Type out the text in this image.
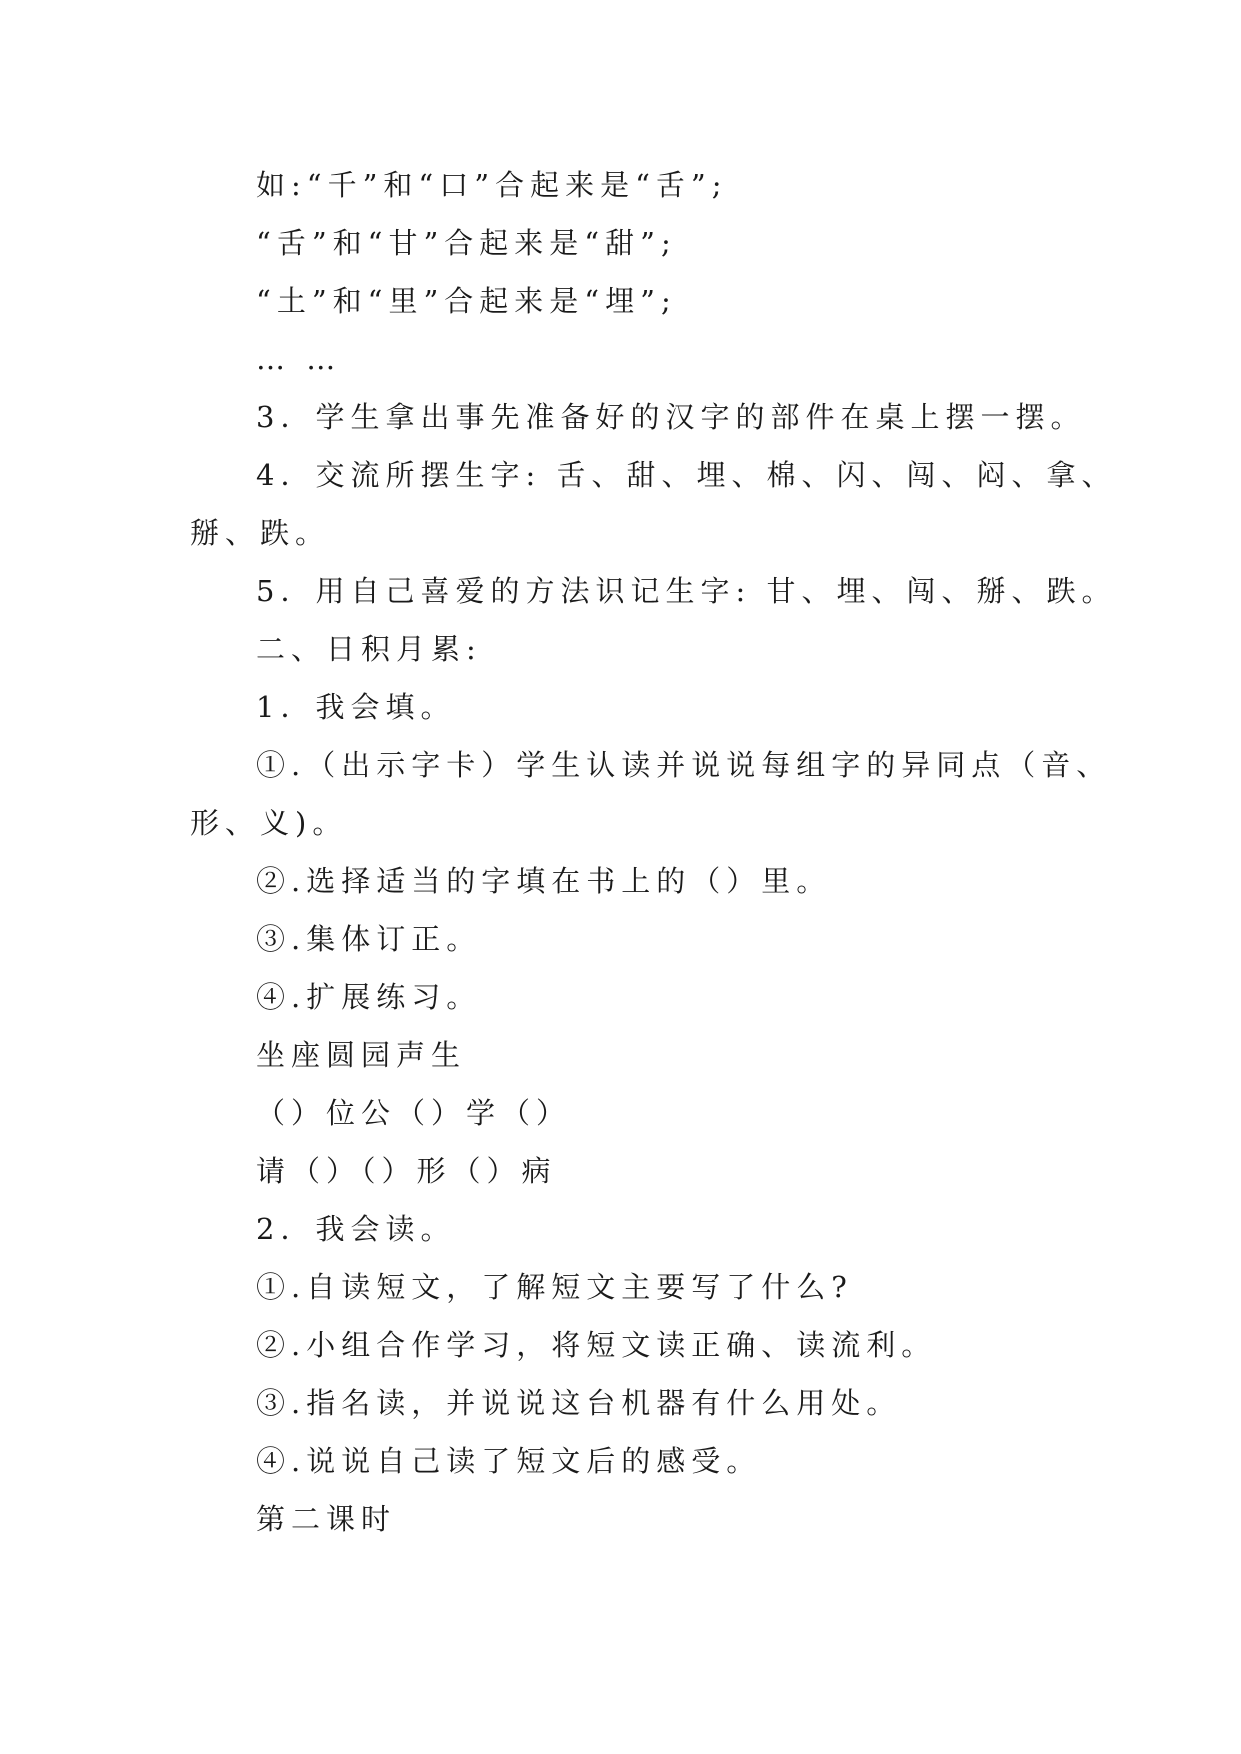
如:“千”和“口”合起来是“舌”;
“舌”和“甘”合起来是“甜”;
“土”和“里”合起来是“埋”;
… …
3．学生拿出事先准备好的汉字的部件在桌上摆一摆。
4．交流所摆生字: 舌、甜、埋、棉、闪、闯、闷、拿、
掰、跌。
5．用自己喜爱的方法识记生字: 甘、埋、闯、掰、跌。
二、日积月累:
1．我会填。
①.（出示字卡）学生认读并说说每组字的异同点（音、
形、义)。
②.选择适当的字填在书上的（）里。
③.集体订正。
④.扩展练习。
坐座圆园声生
（）位公（）学（）
请（）（）形（）病
2．我会读。
①.自读短文，了解短文主要写了什么?
②.小组合作学习，将短文读正确、读流利。
③.指名读，并说说这台机器有什么用处。
④.说说自己读了短文后的感受。
第二课时
